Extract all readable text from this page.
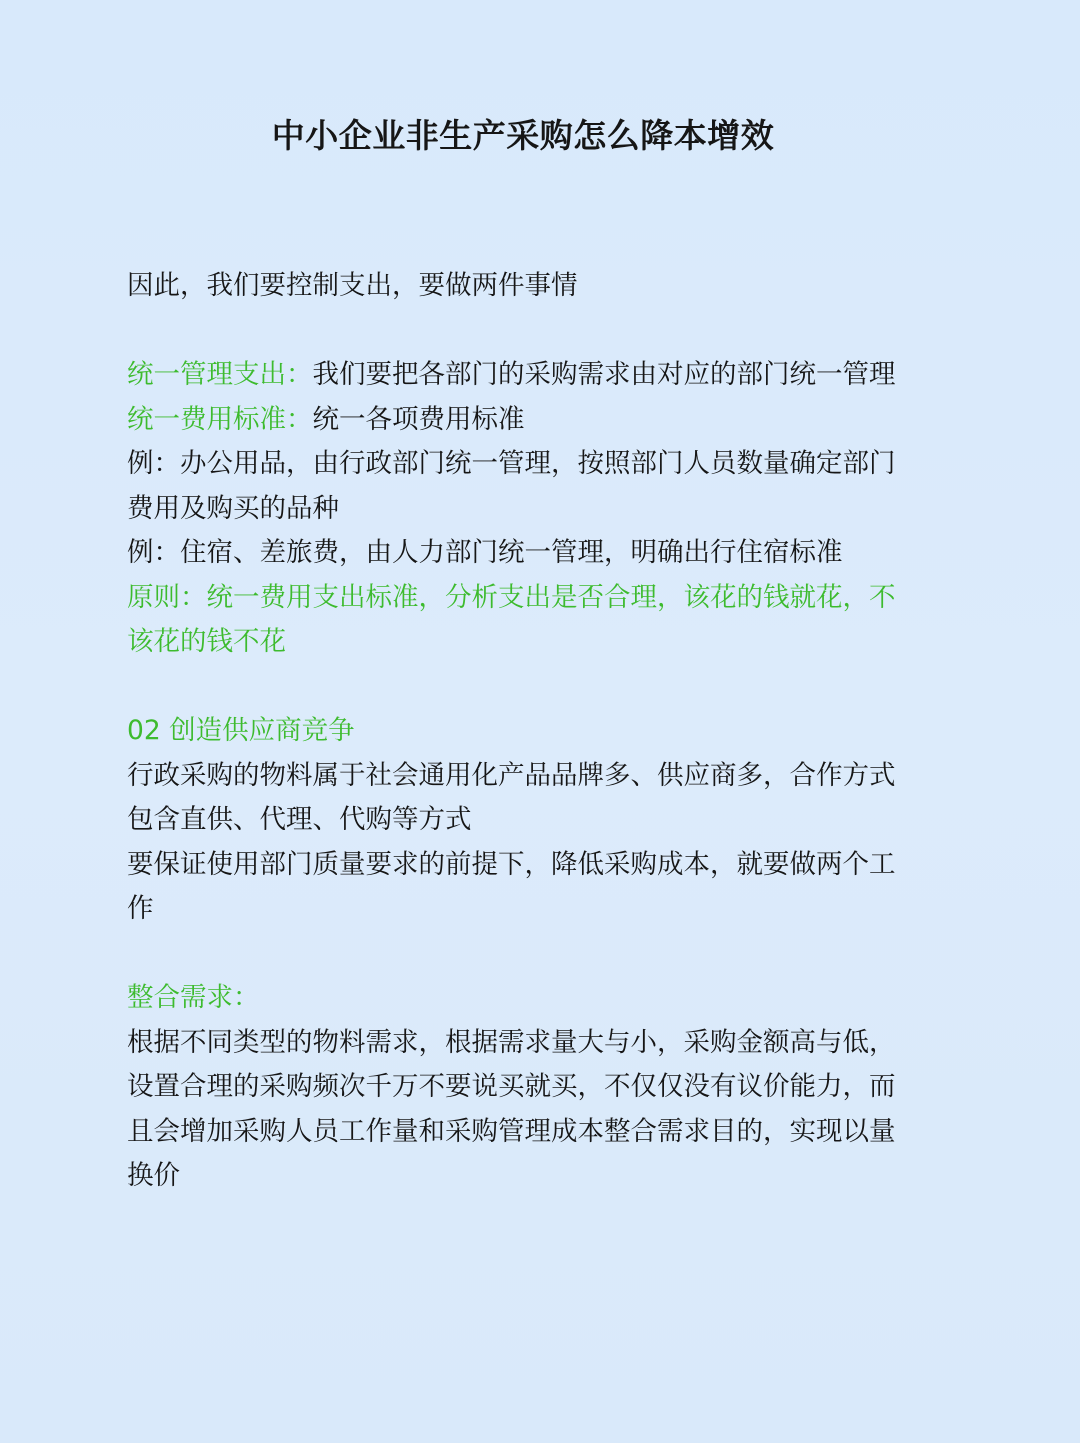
中小企业非生产采购怎么降本增效
因此，我们要控制支出，要做两件事情
统一管理支出：我们要把各部门的采购需求由对应的部门统一管理
统一费用标准：统一各项费用标准
例：办公用品，由行政部门统一管理，按照部门人员数量确定部门
费用及购买的品种
例：住宿、差旅费，由人力部门统一管理，明确出行住宿标准
原则：统一费用支出标准，分析支出是否合理，该花的钱就花，不
该花的钱不花
02 创造供应商竞争
行政采购的物料属于社会通用化产品品牌多、供应商多，合作方式
包含直供、代理、代购等方式
要保证使用部门质量要求的前提下，降低采购成本，就要做两个工
作
整合需求：
根据不同类型的物料需求，根据需求量大与小，采购金额高与低，
设置合理的采购频次千万不要说买就买，不仅仅没有议价能力，而
且会增加采购人员工作量和采购管理成本整合需求目的，实现以量
换价
